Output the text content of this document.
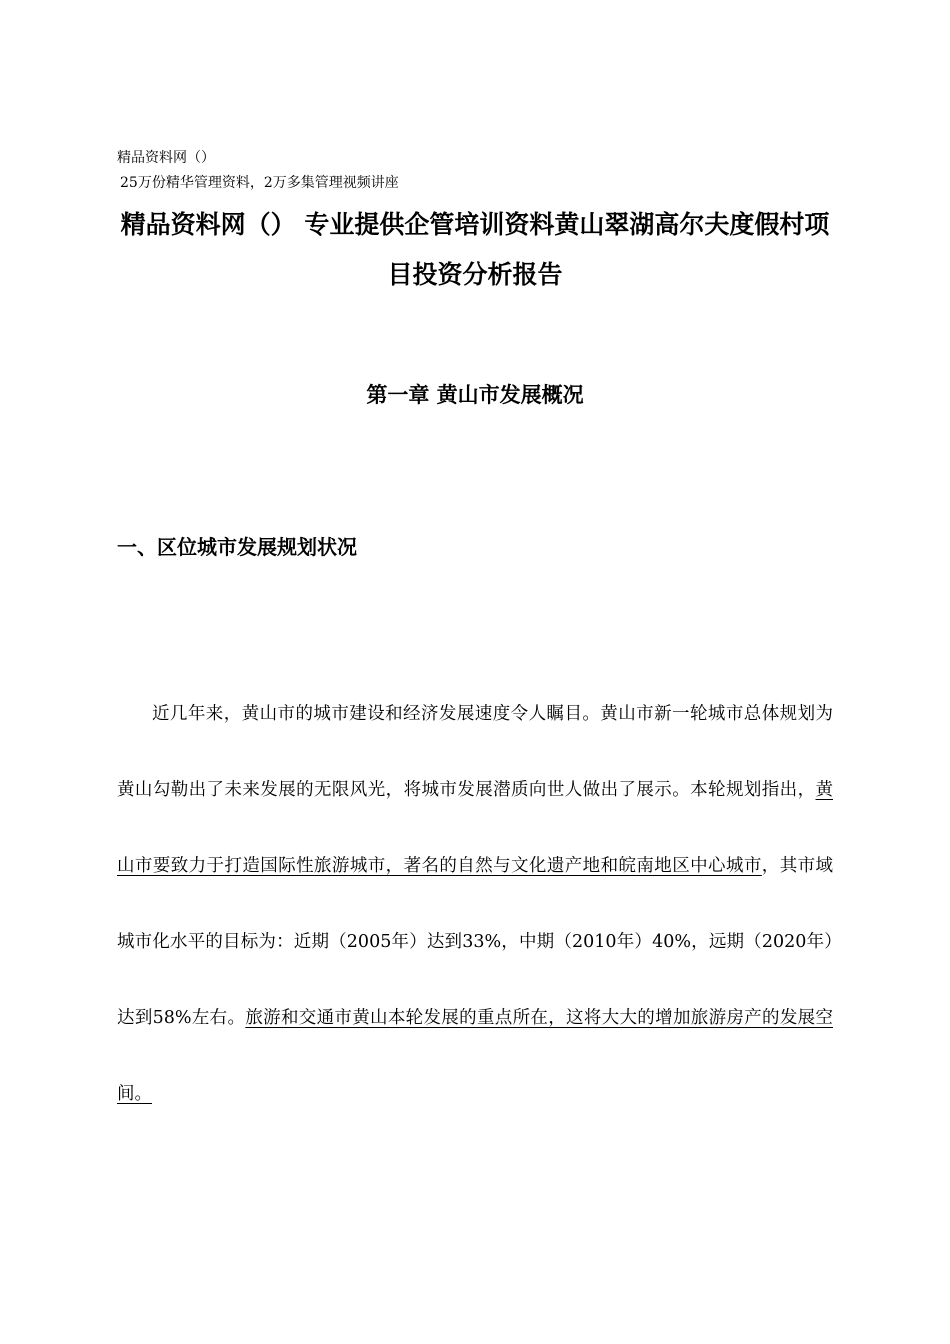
精品资料网（）
25万份精华管理资料，2万多集管理视频讲座
精品资料网（） 专业提供企管培训资料黄山翠湖高尔夫度假村项目投资分析报告
第一章 黄山市发展概况
一、区位城市发展规划状况

近几年来，黄山市的城市建设和经济发展速度令人瞩目。黄山市新一轮城市总体规划为黄山勾勒出了未来发展的无限风光，将城市发展潜质向世人做出了展示。本轮规划指出，黄山市要致力于打造国际性旅游城市，著名的自然与文化遗产地和皖南地区中心城市，其市域城市化水平的目标为：近期（2005年）达到33%，中期（2010年）40%，远期（2020年）达到58%左右。旅游和交通市黄山本轮发展的重点所在，这将大大的增加旅游房产的发展空间。
